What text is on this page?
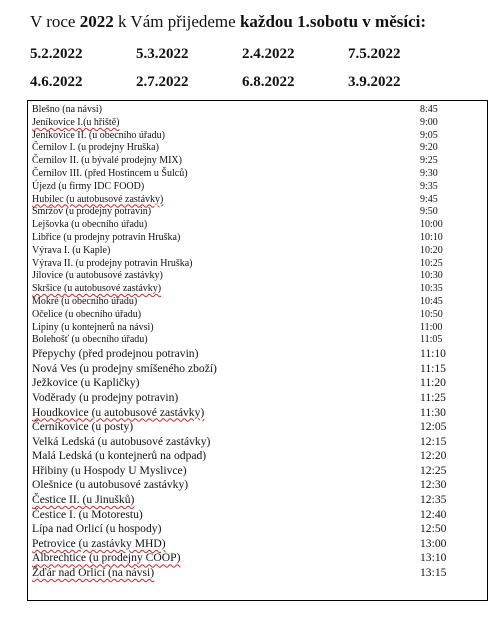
V roce 2022 k Vám přijedeme každou 1.sobotu v měsíci:
5.2.2022	5.3.2022	2.4.2022	7.5.2022
4.6.2022	2.7.2022	6.8.2022	3.9.2022
Blešno (na návsi)	8:45
Jeníkovice I.(u hřiště)	9:00
Jeníkovice II. (u obecního úřadu)	9:05
Černilov I. (u prodejny Hruška)	9:20
Černilov II. (u bývalé prodejny MIX)	9:25
Černilov III. (před Hostincem u Šulců)	9:30
Újezd (u firmy IDC FOOD)	9:35
Hubilec (u autobusové zastávky)	9:45
Smržov (u prodejny potravin)	9:50
Lejšovka (u obecního úřadu)	10:00
Libřice (u prodejny potravin Hruška)	10:10
Výrava I. (u Kaple)	10:20
Výrava II. (u prodejny potravin Hruška)	10:25
Jílovice (u autobusové zastávky)	10:30
Skršice (u autobusové zastávky)	10:35
Mokré (u obecního úřadu)	10:45
Očelice (u obecního úřadu)	10:50
Lipiny (u kontejnerů na návsi)	11:00
Bolehošť (u obecního úřadu)	11:05
Přepychy (před prodejnou potravin)	11:10
Nová Ves (u prodejny smíšeného zboží)	11:15
Ježkovice (u Kapličky)	11:20
Voděrady (u prodejny potravin)	11:25
Houdkovice (u autobusové zastávky)	11:30
Černíkovice (u posty)	12:05
Velká Ledská (u autobusové zastávky)	12:15
Malá Ledská (u kontejnerů na odpad)	12:20
Hřibiny (u Hospody U Myslivce)	12:25
Olešnice (u autobusové zastávky)	12:30
Čestice II. (u Jinušků)	12:35
Čestice I. (u Motorestu)	12:40
Lípa nad Orlicí (u hospody)	12:50
Petrovice (u zastávky MHD)	13:00
Albrechtice (u prodejny COOP)	13:10
Žďár nad Orlicí (na návsi)	13:15
